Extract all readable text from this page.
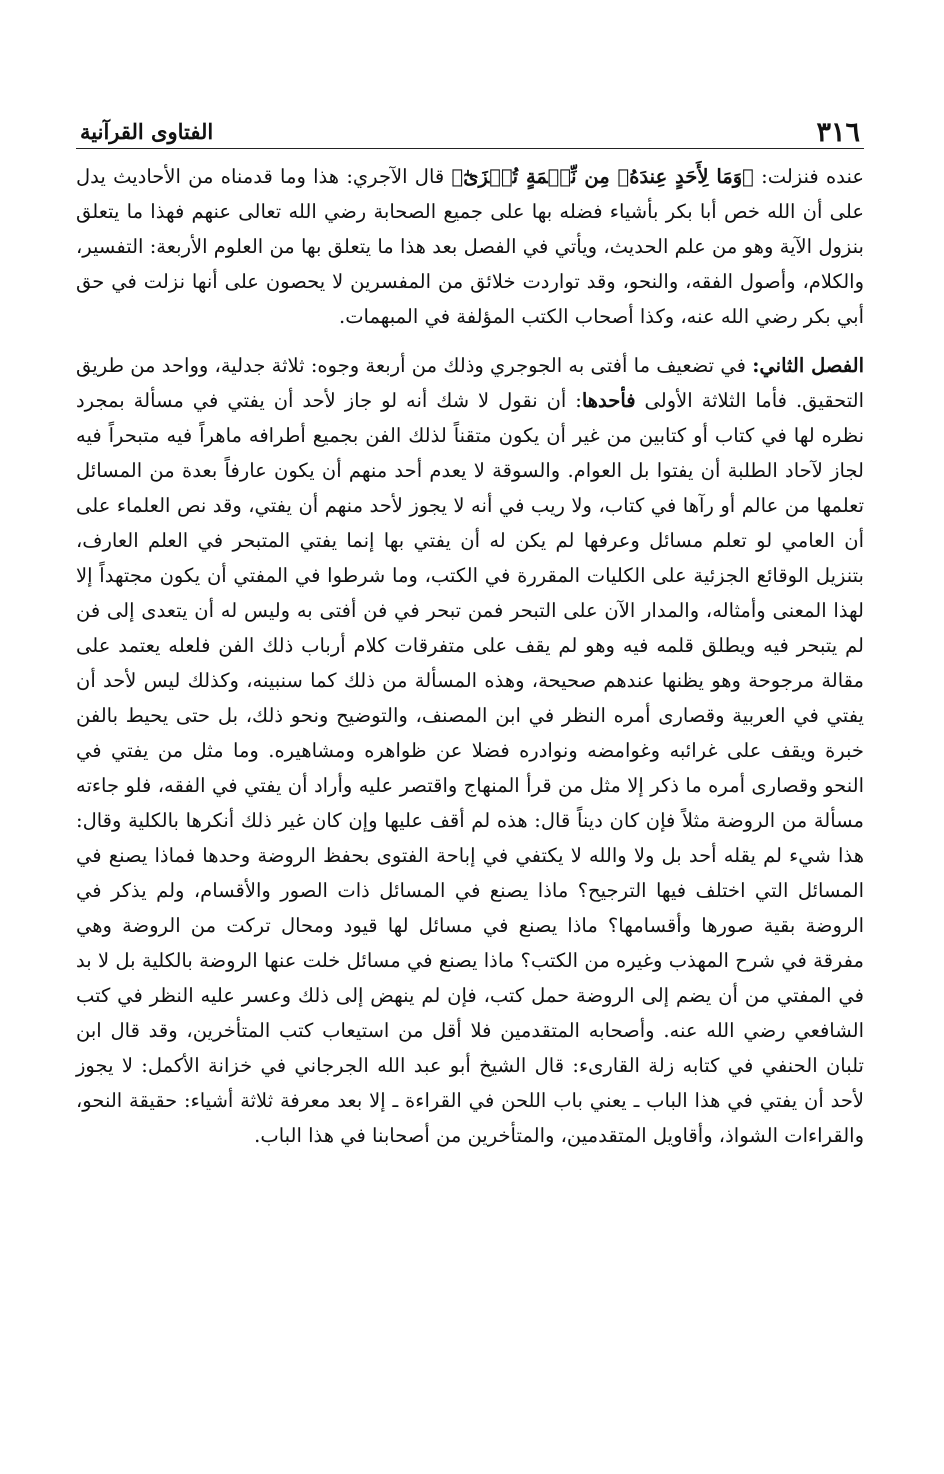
٣١٦
الفتاوى القرآنية

عنده فنزلت: ﴿وَمَا لِأَحَدٍ عِندَهُۥ مِن نِّعۡمَةٍ تُجۡزَىٰٓ﴾ قال الآجري: هذا وما قدمناه من الأحاديث يدل على أن الله خص أبا بكر بأشياء فضله بها على جميع الصحابة رضي الله تعالى عنهم فهذا ما يتعلق بنزول الآية وهو من علم الحديث، ويأتي في الفصل بعد هذا ما يتعلق بها من العلوم الأربعة: التفسير، والكلام، وأصول الفقه، والنحو، وقد تواردت خلائق من المفسرين لا يحصون على أنها نزلت في حق أبي بكر رضي الله عنه، وكذا أصحاب الكتب المؤلفة في المبهمات.

الفصل الثاني: في تضعيف ما أفتى به الجوجري وذلك من أربعة وجوه: ثلاثة جدلية، وواحد من طريق التحقيق. فأما الثلاثة الأولى فأحدها: أن نقول لا شك أنه لو جاز لأحد أن يفتي في مسألة بمجرد نظره لها في كتاب أو كتابين من غير أن يكون متقناً لذلك الفن بجميع أطرافه ماهراً فيه متبحراً فيه لجاز لآحاد الطلبة أن يفتوا بل العوام. والسوقة لا يعدم أحد منهم أن يكون عارفاً بعدة من المسائل تعلمها من عالم أو رآها في كتاب، ولا ريب في أنه لا يجوز لأحد منهم أن يفتي، وقد نص العلماء على أن العامي لو تعلم مسائل وعرفها لم يكن له أن يفتي بها إنما يفتي المتبحر في العلم العارف، بتنزيل الوقائع الجزئية على الكليات المقررة في الكتب، وما شرطوا في المفتي أن يكون مجتهداً إلا لهذا المعنى وأمثاله، والمدار الآن على التبحر فمن تبحر في فن أفتى به وليس له أن يتعدى إلى فن لم يتبحر فيه ويطلق قلمه فيه وهو لم يقف على متفرقات كلام أرباب ذلك الفن فلعله يعتمد على مقالة مرجوحة وهو يظنها عندهم صحيحة، وهذه المسألة من ذلك كما سنبينه، وكذلك ليس لأحد أن يفتي في العربية وقصارى أمره النظر في ابن المصنف، والتوضيح ونحو ذلك، بل حتى يحيط بالفن خبرة ويقف على غرائبه وغوامضه ونوادره فضلا عن ظواهره ومشاهيره. وما مثل من يفتي في النحو وقصارى أمره ما ذكر إلا مثل من قرأ المنهاج واقتصر عليه وأراد أن يفتي في الفقه، فلو جاءته مسألة من الروضة مثلاً فإن كان ديناً قال: هذه لم أقف عليها وإن كان غير ذلك أنكرها بالكلية وقال: هذا شيء لم يقله أحد بل ولا والله لا يكتفي في إباحة الفتوى بحفظ الروضة وحدها فماذا يصنع في المسائل التي اختلف فيها الترجيح؟ ماذا يصنع في المسائل ذات الصور والأقسام، ولم يذكر في الروضة بقية صورها وأقسامها؟ ماذا يصنع في مسائل لها قيود ومحال تركت من الروضة وهي مفرقة في شرح المهذب وغيره من الكتب؟ ماذا يصنع في مسائل خلت عنها الروضة بالكلية بل لا بد في المفتي من أن يضم إلى الروضة حمل كتب، فإن لم ينهض إلى ذلك وعسر عليه النظر في كتب الشافعي رضي الله عنه. وأصحابه المتقدمين فلا أقل من استيعاب كتب المتأخرين، وقد قال ابن تلبان الحنفي في كتابه زلة القارىء: قال الشيخ أبو عبد الله الجرجاني في خزانة الأكمل: لا يجوز لأحد أن يفتي في هذا الباب ـ يعني باب اللحن في القراءة ـ إلا بعد معرفة ثلاثة أشياء: حقيقة النحو، والقراءات الشواذ، وأقاويل المتقدمين، والمتأخرين من أصحابنا في هذا الباب.
